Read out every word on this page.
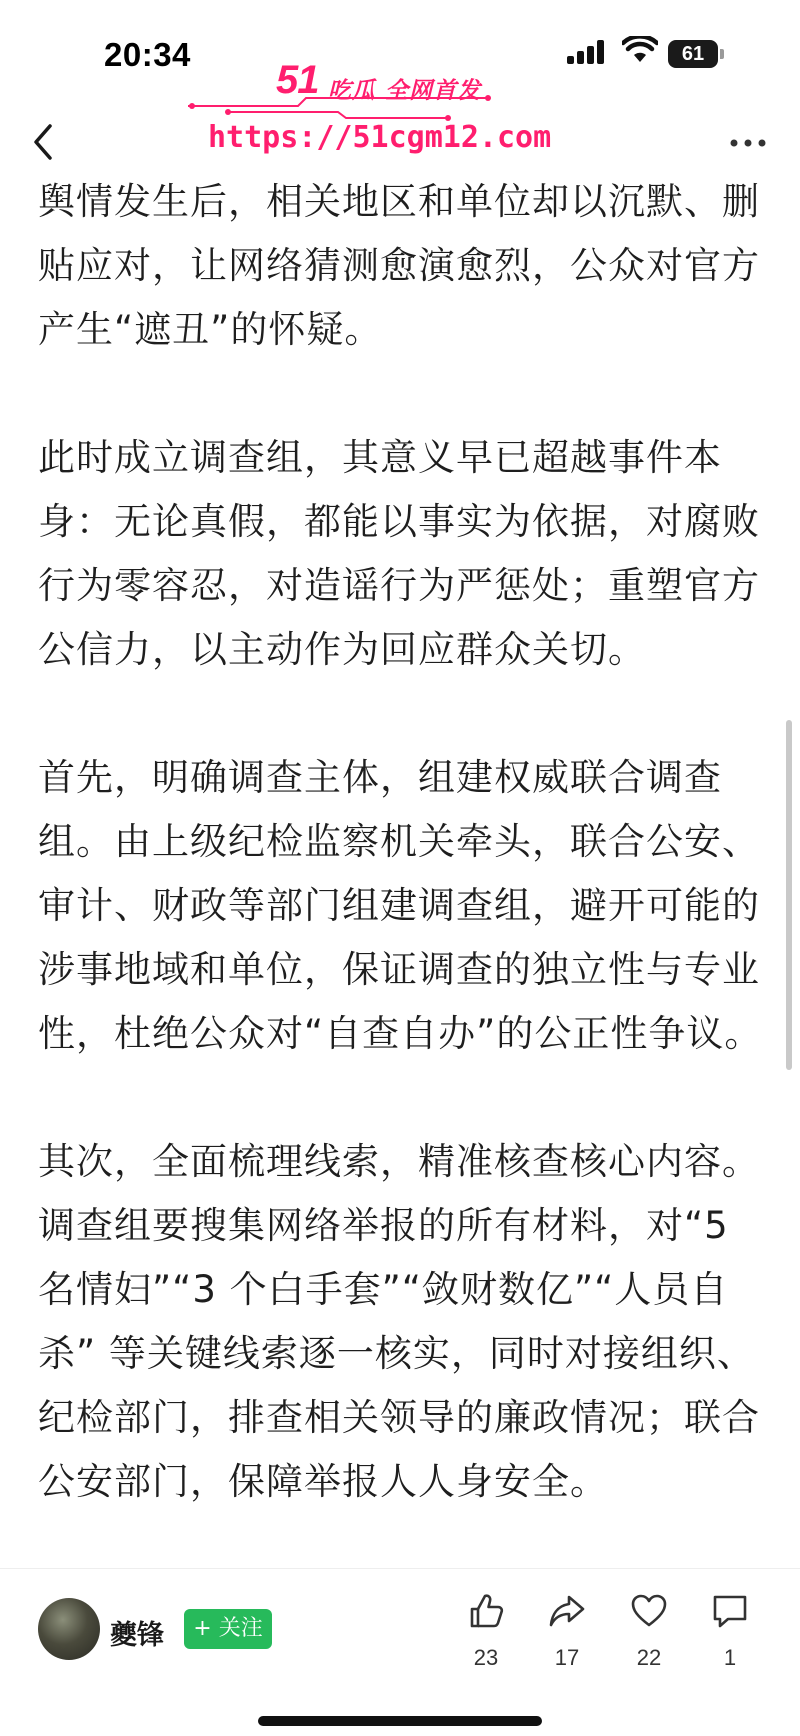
20:34	61
51 吃瓜 全网首发
https://51cgm12.com

舆情发生后，相关地区和单位却以沉默、删贴应对，让网络猜测愈演愈烈，公众对官方产生“遮丑”的怀疑。

此时成立调查组，其意义早已超越事件本身：无论真假，都能以事实为依据，对腐败行为零容忍，对造谣行为严惩处；重塑官方公信力，以主动作为回应群众关切。

首先，明确调查主体，组建权威联合调查组。由上级纪检监察机关牵头，联合公安、审计、财政等部门组建调查组，避开可能的涉事地域和单位，保证调查的独立性与专业性，杜绝公众对“自查自办”的公正性争议。

其次，全面梳理线索，精准核查核心内容。调查组要搜集网络举报的所有材料，对“5 名情妇”“3 个白手套”“敛财数亿”“人员自杀” 等关键线索逐一核实，同时对接组织、纪检部门，排查相关领导的廉政情况；联合公安部门，保障举报人人身安全。

夔锋	+ 关注
23	17	22	1
